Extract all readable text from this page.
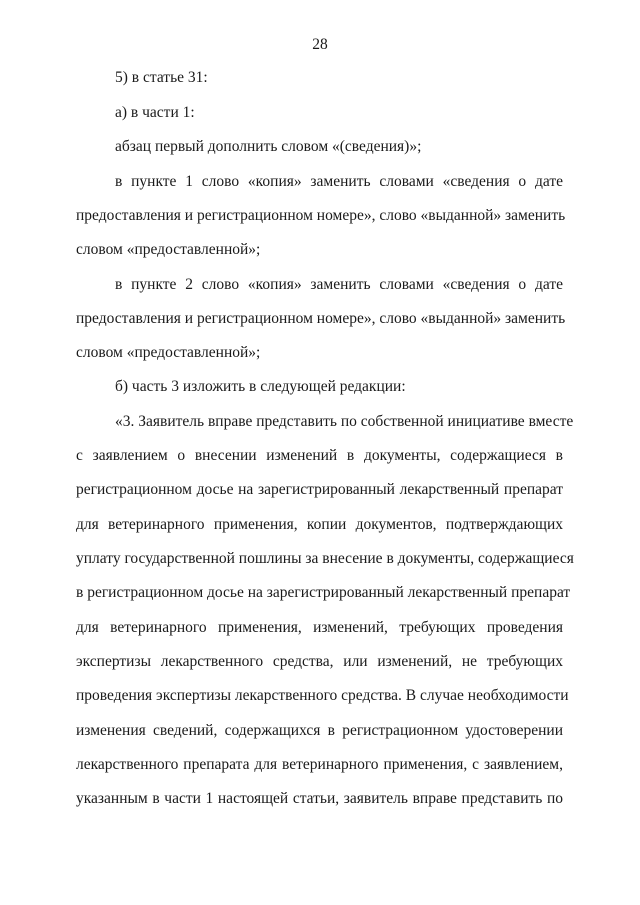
28
5) в статье 31:
а) в части 1:
абзац первый дополнить словом «(сведения)»;
в пункте 1 слово «копия» заменить словами «сведения о дате
предоставления и регистрационном номере», слово «выданной» заменить
словом «предоставленной»;
в пункте 2 слово «копия» заменить словами «сведения о дате
предоставления и регистрационном номере», слово «выданной» заменить
словом «предоставленной»;
б) часть 3 изложить в следующей редакции:
«3. Заявитель вправе представить по собственной инициативе вместе
с заявлением о внесении изменений в документы, содержащиеся в
регистрационном досье на зарегистрированный лекарственный препарат
для ветеринарного применения, копии документов, подтверждающих
уплату государственной пошлины за внесение в документы, содержащиеся
в регистрационном досье на зарегистрированный лекарственный препарат
для ветеринарного применения, изменений, требующих проведения
экспертизы лекарственного средства, или изменений, не требующих
проведения экспертизы лекарственного средства. В случае необходимости
изменения сведений, содержащихся в регистрационном удостоверении
лекарственного препарата для ветеринарного применения, с заявлением,
указанным в части 1 настоящей статьи, заявитель вправе представить по
